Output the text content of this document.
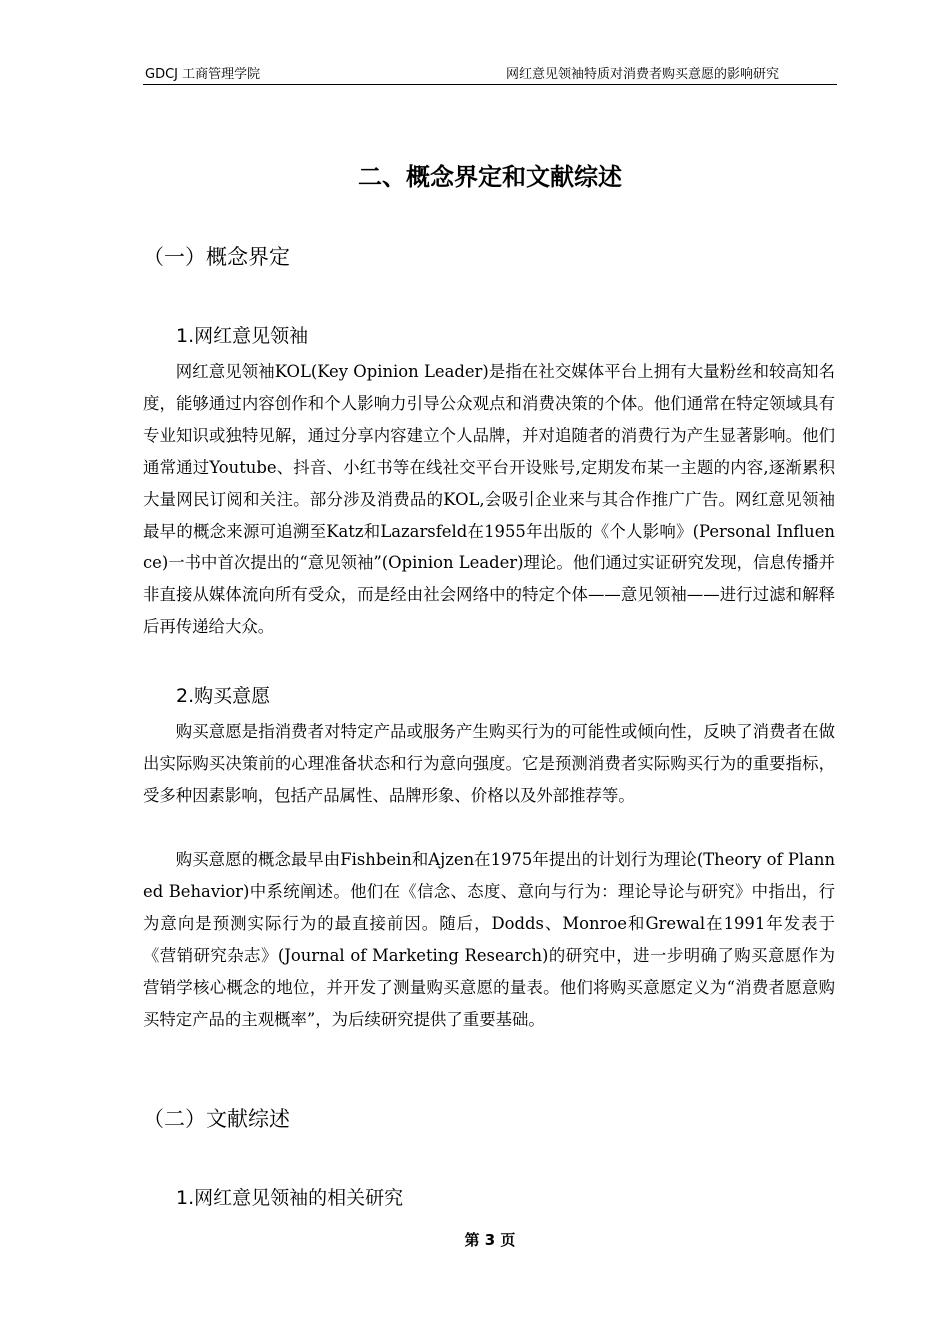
GDCJ 工商管理学院	网红意见领袖特质对消费者购买意愿的影响研究
二、概念界定和文献综述
（一）概念界定
1.网红意见领袖

网红意见领袖KOL(Key Opinion Leader)是指在社交媒体平台上拥有大量粉丝和较高知名度，能够通过内容创作和个人影响力引导公众观点和消费决策的个体。他们通常在特定领域具有专业知识或独特见解，通过分享内容建立个人品牌，并对追随者的消费行为产生显著影响。他们通常通过Youtube、抖音、小红书等在线社交平台开设账号,定期发布某一主题的内容,逐渐累积大量网民订阅和关注。部分涉及消费品的KOL,会吸引企业来与其合作推广广告。网红意见领袖最早的概念来源可追溯至Katz和Lazarsfeld在1955年出版的《个人影响》(Personal Influence)一书中首次提出的“意见领袖”(Opinion Leader)理论。他们通过实证研究发现，信息传播并非直接从媒体流向所有受众，而是经由社会网络中的特定个体——意见领袖——进行过滤和解释后再传递给大众。

2.购买意愿

购买意愿是指消费者对特定产品或服务产生购买行为的可能性或倾向性，反映了消费者在做出实际购买决策前的心理准备状态和行为意向强度。它是预测消费者实际购买行为的重要指标，受多种因素影响，包括产品属性、品牌形象、价格以及外部推荐等。

购买意愿的概念最早由Fishbein和Ajzen在1975年提出的计划行为理论(Theory of Planned Behavior)中系统阐述。他们在《信念、态度、意向与行为：理论导论与研究》中指出，行为意向是预测实际行为的最直接前因。随后，Dodds、Monroe和Grewal在1991年发表于《营销研究杂志》(Journal of Marketing Research)的研究中，进一步明确了购买意愿作为营销学核心概念的地位，并开发了测量购买意愿的量表。他们将购买意愿定义为“消费者愿意购买特定产品的主观概率”，为后续研究提供了重要基础。

（二）文献综述
1.网红意见领袖的相关研究
第 3 页
